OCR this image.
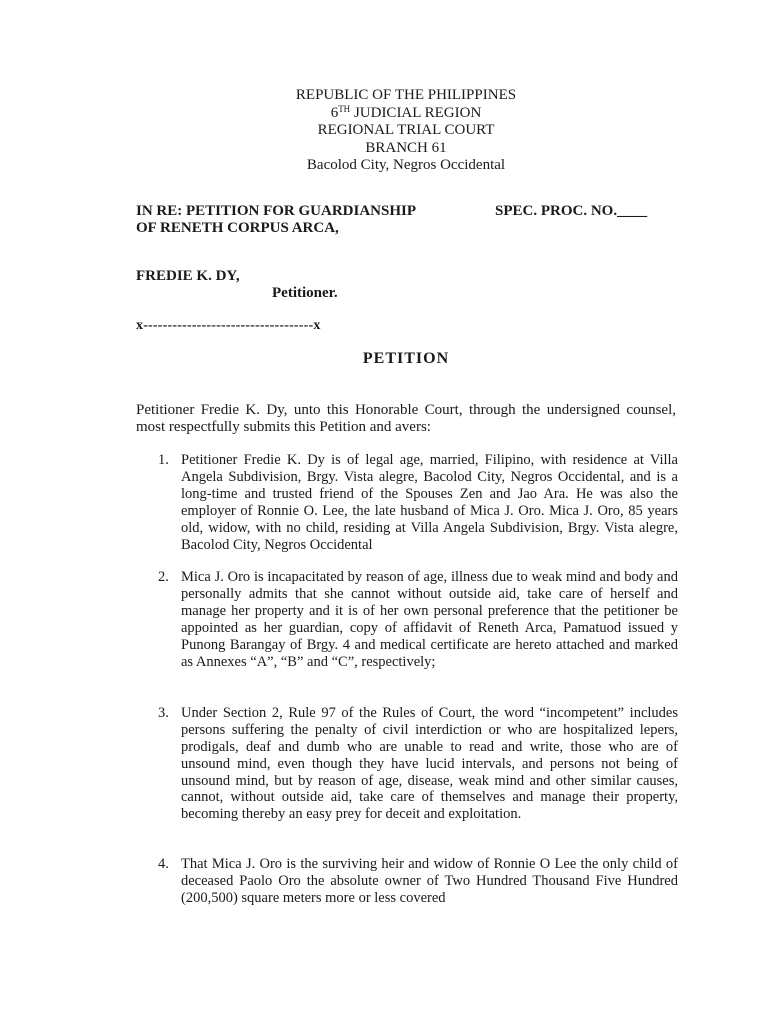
REPUBLIC OF THE PHILIPPINES
6TH JUDICIAL REGION
REGIONAL TRIAL COURT
BRANCH 61
Bacolod City, Negros Occidental
IN RE: PETITION FOR GUARDIANSHIP
OF RENETH CORPUS ARCA,
SPEC. PROC. NO.____
FREDIE K. DY,
Petitioner.
x-----------------------------------x
PETITION
Petitioner Fredie K. Dy, unto this Honorable Court, through the undersigned counsel, most respectfully submits this Petition and avers:
1. Petitioner Fredie K. Dy is of legal age, married, Filipino, with residence at Villa Angela Subdivision, Brgy. Vista alegre, Bacolod City, Negros Occidental, and is a long-time and trusted friend of the Spouses Zen and Jao Ara. He was also the employer of Ronnie O. Lee, the late husband of Mica J. Oro. Mica J. Oro, 85 years old, widow, with no child, residing at Villa Angela Subdivision, Brgy. Vista alegre, Bacolod City, Negros Occidental
2. Mica J. Oro is incapacitated by reason of age, illness due to weak mind and body and personally admits that she cannot without outside aid, take care of herself and manage her property and it is of her own personal preference that the petitioner be appointed as her guardian, copy of affidavit of Reneth Arca, Pamatuod issued y Punong Barangay of Brgy. 4 and medical certificate are hereto attached and marked as Annexes “A”, “B” and “C”, respectively;
3. Under Section 2, Rule 97 of the Rules of Court, the word “incompetent” includes persons suffering the penalty of civil interdiction or who are hospitalized lepers, prodigals, deaf and dumb who are unable to read and write, those who are of unsound mind, even though they have lucid intervals, and persons not being of unsound mind, but by reason of age, disease, weak mind and other similar causes, cannot, without outside aid, take care of themselves and manage their property, becoming thereby an easy prey for deceit and exploitation.
4. That Mica J. Oro is the surviving heir and widow of Ronnie O Lee the only child of deceased Paolo Oro the absolute owner of Two Hundred Thousand Five Hundred (200,500) square meters more or less covered
